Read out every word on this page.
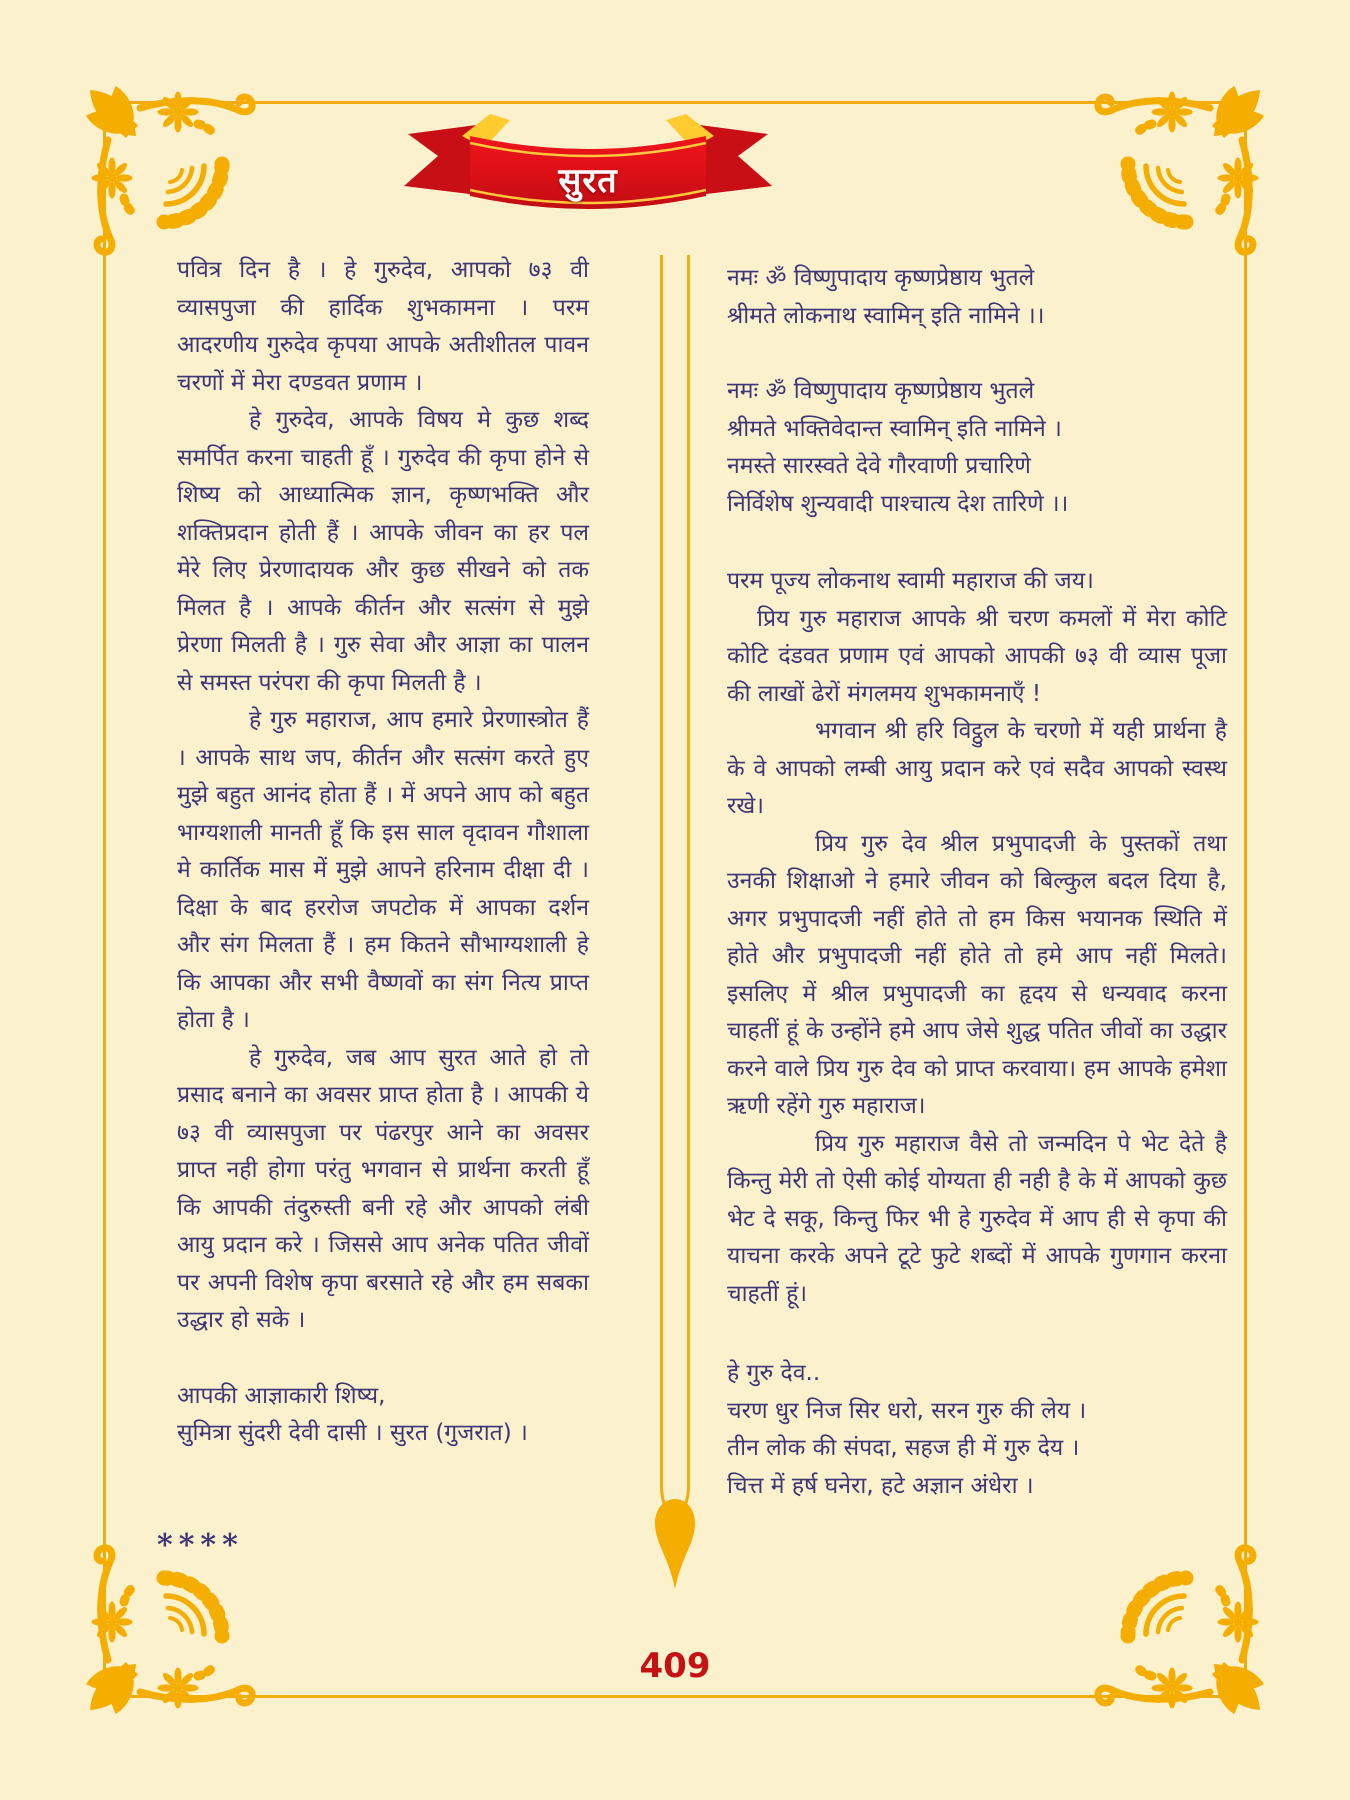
सुरत
पवित्र दिन है । हे गुरुदेव, आपको ७३ वी व्यासपुजा की हार्दिक शुभकामना । परम आदरणीय गुरुदेव कृपया आपके अतीशीतल पावन चरणों में मेरा दण्डवत प्रणाम ।
हे गुरुदेव, आपके विषय मे कुछ शब्द समर्पित करना चाहती हूँ । गुरुदेव की कृपा होने से शिष्य को आध्यात्मिक ज्ञान, कृष्णभक्ति और शक्तिप्रदान होती हैं । आपके जीवन का हर पल मेरे लिए प्रेरणादायक और कुछ सीखने को तक मिलत है । आपके कीर्तन और सत्संग से मुझे प्रेरणा मिलती है । गुरु सेवा और आज्ञा का पालन से समस्त परंपरा की कृपा मिलती है ।
हे गुरु महाराज, आप हमारे प्रेरणास्त्रोत हैं । आपके साथ जप, कीर्तन और सत्संग करते हुए मुझे बहुत आनंद होता हैं । में अपने आप को बहुत भाग्यशाली मानती हूँ कि इस साल वृदावन गौशाला मे कार्तिक मास में मुझे आपने हरिनाम दीक्षा दी । दिक्षा के बाद हररोज जपटोक में आपका दर्शन और संग मिलता हैं । हम कितने सौभाग्यशाली हे कि आपका और सभी वैष्णवों का संग नित्य प्राप्त होता है ।
हे गुरुदेव, जब आप सुरत आते हो तो प्रसाद बनाने का अवसर प्राप्त होता है । आपकी ये ७३ वी व्यासपुजा पर पंढरपुर आने का अवसर प्राप्त नही होगा परंतु भगवान से प्रार्थना करती हूँ कि आपकी तंदुरुस्ती बनी रहे और आपको लंबी आयु प्रदान करे । जिससे आप अनेक पतित जीवों पर अपनी विशेष कृपा बरसाते रहे और हम सबका उद्धार हो सके ।
आपकी आज्ञाकारी शिष्य,
सुमित्रा सुंदरी देवी दासी । सुरत (गुजरात) ।
****
नमः ॐ विष्णुपादाय कृष्णप्रेष्ठाय भुतले
श्रीमते लोकनाथ स्वामिन् इति नामिने ।।
नमः ॐ विष्णुपादाय कृष्णप्रेष्ठाय भुतले
श्रीमते भक्तिवेदान्त स्वामिन् इति नामिने ।
नमस्ते सारस्वते देवे गौरवाणी प्रचारिणे
निर्विशेष शुन्यवादी पाश्चात्य देश तारिणे ।।
परम पूज्य लोकनाथ स्वामी महाराज की जय।
प्रिय गुरु महाराज आपके श्री चरण कमलों में मेरा कोटि कोटि दंडवत प्रणाम एवं आपको आपकी ७३ वी व्यास पूजा की लाखों ढेरों मंगलमय शुभकामनाएँ !
भगवान श्री हरि विट्ठुल के चरणो में यही प्रार्थना है के वे आपको लम्बी आयु प्रदान करे एवं सदैव आपको स्वस्थ रखे।
प्रिय गुरु देव श्रील प्रभुपादजी के पुस्तकों तथा उनकी शिक्षाओ ने हमारे जीवन को बिल्कुल बदल दिया है, अगर प्रभुपादजी नहीं होते तो हम किस भयानक स्थिति में होते और प्रभुपादजी नहीं होते तो हमे आप नहीं मिलते। इसलिए में श्रील प्रभुपादजी का हृदय से धन्यवाद करना चाहतीं हूं के उन्होंने हमे आप जेसे शुद्ध पतित जीवों का उद्धार करने वाले प्रिय गुरु देव को प्राप्त करवाया। हम आपके हमेशा ऋणी रहेंगे गुरु महाराज।
प्रिय गुरु महाराज वैसे तो जन्मदिन पे भेट देते है किन्तु मेरी तो ऐसी कोई योग्यता ही नही है के में आपको कुछ भेट दे सकू, किन्तु फिर भी हे गुरुदेव में आप ही से कृपा की याचना करके अपने टूटे फुटे शब्दों में आपके गुणगान करना चाहतीं हूं।
हे गुरु देव..
चरण धुर निज सिर धरो, सरन गुरु की लेय ।
तीन लोक की संपदा, सहज ही में गुरु देय ।
चित्त में हर्ष घनेरा, हटे अज्ञान अंधेरा ।
409
